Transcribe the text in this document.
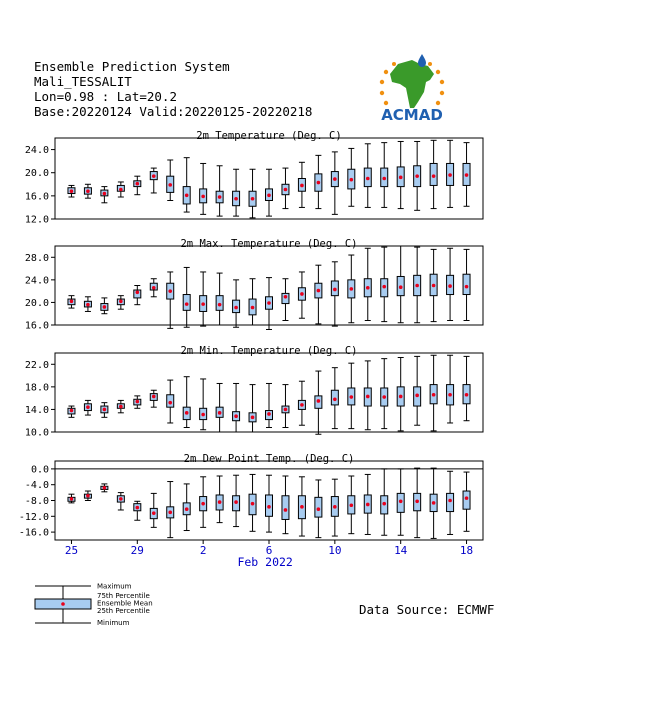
Ensemble Prediction System
Mali_TESSALIT
Lon=0.98 : Lat=20.2
Base:20220124 Valid:20220125-20220218	ACMAD
2m Temperature (Deg. C)
24.0
20.0
16.0
12.0
2m Max. Temperature (Deg. C)
28.0
24.0
20.0
16.0
2m Min. Temperature (Deg. C)
22.0
18.0
14.0
10.0
2m Dew Point Temp. (Deg. C)
0.0
-4.0
-8.0
-12.0
-16.0
25	29	2	6	10	14	18
Feb 2022
Maximum
75th Percentile
Ensemble Mean
25th Percentile
Minimum
Data Source: ECMWF
